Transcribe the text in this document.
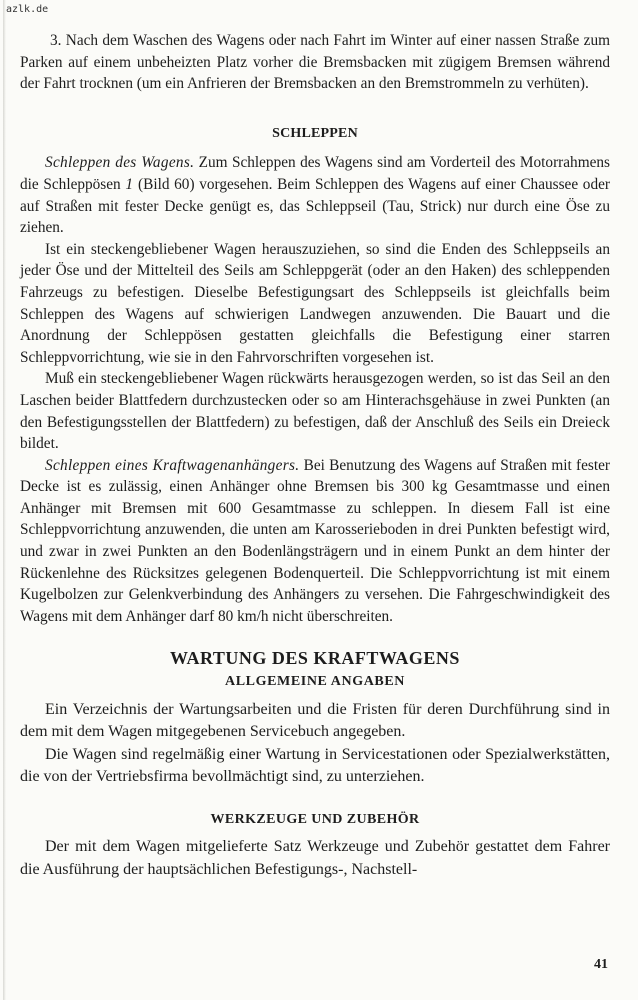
azlk.de

3. Nach dem Waschen des Wagens oder nach Fahrt im Winter auf einer nassen Straße zum Parken auf einem unbeheizten Platz vorher die Bremsbacken mit zügigem Bremsen während der Fahrt trocknen (um ein Anfrieren der Bremsbacken an den Bremstrommeln zu verhüten).

SCHLEPPEN

Schleppen des Wagens. Zum Schleppen des Wagens sind am Vorderteil des Motorrahmens die Schleppösen 1 (Bild 60) vorgesehen. Beim Schleppen des Wagens auf einer Chaussee oder auf Straßen mit fester Decke genügt es, das Schleppseil (Tau, Strick) nur durch eine Öse zu ziehen.

Ist ein steckengebliebener Wagen herauszuziehen, so sind die Enden des Schleppseils an jeder Öse und der Mittelteil des Seils am Schleppgerät (oder an den Haken) des schleppenden Fahrzeugs zu befestigen. Dieselbe Befestigungsart des Schleppseils ist gleichfalls beim Schleppen des Wagens auf schwierigen Landwegen anzuwenden. Die Bauart und die Anordnung der Schleppösen gestatten gleichfalls die Befestigung einer starren Schleppvorrichtung, wie sie in den Fahrvorschriften vorgesehen ist.

Muß ein steckengebliebener Wagen rückwärts herausgezogen werden, so ist das Seil an den Laschen beider Blattfedern durchzustecken oder so am Hinterachsgehäuse in zwei Punkten (an den Befestigungsstellen der Blattfedern) zu befestigen, daß der Anschluß des Seils ein Dreieck bildet.

Schleppen eines Kraftwagenanhängers. Bei Benutzung des Wagens auf Straßen mit fester Decke ist es zulässig, einen Anhänger ohne Bremsen bis 300 kg Gesamtmasse und einen Anhänger mit Bremsen mit 600 Gesamtmasse zu schleppen. In diesem Fall ist eine Schleppvorrichtung anzuwenden, die unten am Karosserieboden in drei Punkten befestigt wird, und zwar in zwei Punkten an den Bodenlängsträgern und in einem Punkt an dem hinter der Rückenlehne des Rücksitzes gelegenen Bodenquerteil. Die Schleppvorrichtung ist mit einem Kugelbolzen zur Gelenkverbindung des Anhängers zu versehen. Die Fahrgeschwindigkeit des Wagens mit dem Anhänger darf 80 km/h nicht überschreiten.

WARTUNG DES KRAFTWAGENS
ALLGEMEINE ANGABEN

Ein Verzeichnis der Wartungsarbeiten und die Fristen für deren Durchführung sind in dem mit dem Wagen mitgegebenen Servicebuch angegeben.

Die Wagen sind regelmäßig einer Wartung in Servicestationen oder Spezialwerkstätten, die von der Vertriebsfirma bevollmächtigt sind, zu unterziehen.

WERKZEUGE UND ZUBEHÖR

Der mit dem Wagen mitgelieferte Satz Werkzeuge und Zubehör gestattet dem Fahrer die Ausführung der hauptsächlichen Befestigungs-, Nachstell-

41
